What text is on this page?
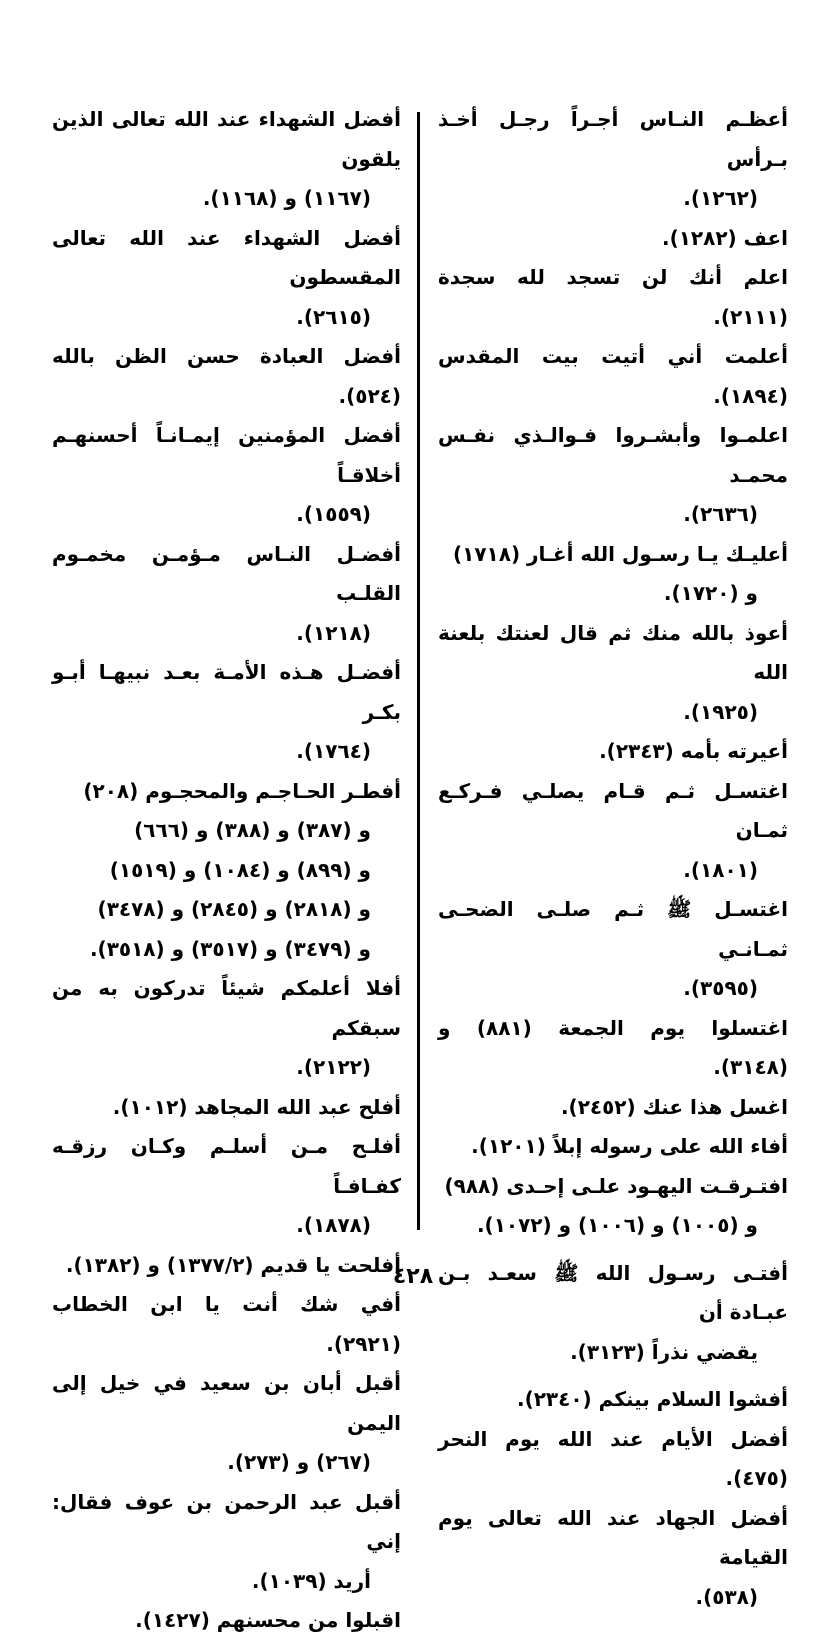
أعظـم النـاس أجـراً رجـل أخـذ بـرأس
(١٢٦٢).

اعف (١٢٨٢).

اعلم أنك لن تسجد لله سجدة (٢١١١).

أعلمت أني أتيت بيت المقدس (١٨٩٤).

اعلمـوا وأبشـروا فـوالـذي نفـس محمـد
(٢٦٣٦).

أعليـك يـا رسـول الله أغـار (١٧١٨)
و (١٧٢٠).

أعوذ بالله منك ثم قال لعنتك بلعنة الله
(١٩٢٥).

أعيرته بأمه (٢٣٤٣).

اغتسـل ثـم قـام يصلـي فـركـع ثمـان
(١٨٠١).

اغتسـل ﷺ ثـم صلـى الضحـى ثمـانـي
(٣٥٩٥).

اغتسلوا يوم الجمعة (٨٨١) و (٣١٤٨).

اغسل هذا عنك (٢٤٥٢).

أفاء الله على رسوله إبلاً (١٢٠١).

افتـرقـت اليهـود علـى إحـدى (٩٨٨)
و (١٠٠٥) و (١٠٠٦) و (١٠٧٢).

أفتـى رسـول الله ﷺ سعـد بـن عبـادة أن
يقضي نذراً (٣١٢٣).

أفشوا السلام بينكم (٢٣٤٠).

أفضل الأيام عند الله يوم النحر (٤٧٥).

أفضل الجهاد عند الله تعالى يوم القيامة
(٥٣٨).

أفضل الشهداء عند الله تعالى الذين يلقون
(١١٦٧) و (١١٦٨).

أفضل الشهداء عند الله تعالى المقسطون
(٢٦١٥).

أفضل العبادة حسن الظن بالله (٥٢٤).

أفضل المؤمنين إيمـانـاً أحسنهـم أخلاقـاً
(١٥٥٩).

أفضـل النـاس مـؤمـن مخمـوم القلـب
(١٢١٨).

أفضـل هـذه الأمـة بعـد نبيهـا أبـو بكـر
(١٧٦٤).

أفطـر الحـاجـم والمحجـوم (٢٠٨)
و (٣٨٧) و (٣٨٨) و (٦٦٦)
و (٨٩٩) و (١٠٨٤) و (١٥١٩)
و (٢٨١٨) و (٢٨٤٥) و (٣٤٧٨)
و (٣٤٧٩) و (٣٥١٧) و (٣٥١٨).

أفلا أعلمكم شيئاً تدركون به من سبقكم
(٢١٢٢).

أفلح عبد الله المجاهد (١٠١٢).

أفلـح مـن أسلـم وكـان رزقـه كفـافـاً
(١٨٧٨).

أفلحت يا قديم (١٣٧٧/٢) و (١٣٨٢).

أفي شك أنت يا ابن الخطاب (٢٩٢١).

أقبل أبان بن سعيد في خيل إلى اليمن
(٢٦٧) و (٢٧٣).

أقبل عبد الرحمن بن عوف فقال: إني
أريد (١٠٣٩).

اقبلوا من محسنهم (١٤٢٧).

٤٢٨
